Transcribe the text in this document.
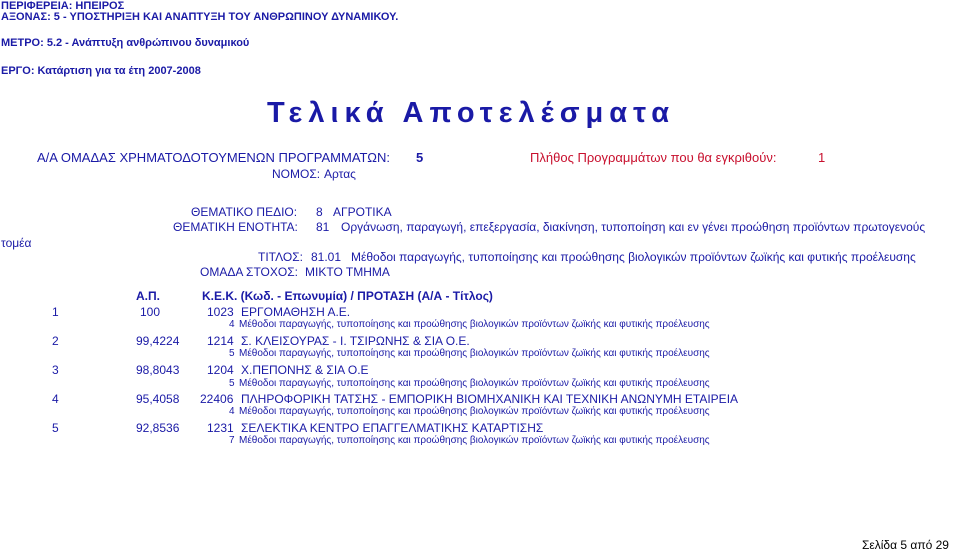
ΠΕΡΙΦΕΡΕΙΑ: ΗΠΕΙΡΟΣ
ΑΞΟΝΑΣ: 5 - ΥΠΟΣΤΗΡΙΞΗ ΚΑΙ ΑΝΑΠΤΥΞΗ ΤΟΥ ΑΝΘΡΩΠΙΝΟΥ ΔΥΝΑΜΙΚΟΥ.
ΜΕΤΡΟ: 5.2 - Ανάπτυξη ανθρώπινου δυναμικού
ΕΡΓΟ: Κατάρτιση για τα έτη 2007-2008
Τελικά Αποτελέσματα
Α/Α ΟΜΑΔΑΣ ΧΡΗΜΑΤΟΔΟΤΟΥΜΕΝΩΝ ΠΡΟΓΡΑΜΜΑΤΩΝ: 5	Πλήθος Προγραμμάτων που θα εγκριθούν:	1
ΝΟΜΟΣ: Αρτας
ΘΕΜΑΤΙΚΟ ΠΕΔΙΟ: 8 ΑΓΡΟΤΙΚΑ
ΘΕΜΑΤΙΚΗ ΕΝΟΤΗΤΑ: 81 Οργάνωση, παραγωγή, επεξεργασία, διακίνηση, τυποποίηση και εν γένει προώθηση προϊόντων πρωτογενούς
τομέα
ΤΙΤΛΟΣ: 81.01 Μέθοδοι παραγωγής, τυποποίησης και προώθησης βιολογικών προϊόντων ζωϊκής και φυτικής προέλευσης
ΟΜΑΔΑ ΣΤΟΧΟΣ: ΜΙΚΤΟ ΤΜΗΜΑ
Α.Π.	Κ.Ε.Κ. (Κωδ. - Επωνυμία) / ΠΡΟΤΑΣΗ (Α/Α - Τίτλος)
1	100	1023 ΕΡΓΟΜΑΘΗΣΗ Α.Ε.
4 Μέθοδοι παραγωγής, τυποποίησης και προώθησης βιολογικών προϊόντων ζωϊκής και φυτικής προέλευσης
2	99,4224 1214 Σ. ΚΛΕΙΣΟΥΡΑΣ - Ι. ΤΣΙΡΩΝΗΣ & ΣΙΑ Ο.Ε.
5 Μέθοδοι παραγωγής, τυποποίησης και προώθησης βιολογικών προϊόντων ζωϊκής και φυτικής προέλευσης
3	98,8043 1204 Χ.ΠΕΠΟΝΗΣ & ΣΙΑ Ο.Ε
5 Μέθοδοι παραγωγής, τυποποίησης και προώθησης βιολογικών προϊόντων ζωϊκής και φυτικής προέλευσης
4	95,4058 22406 ΠΛΗΡΟΦΟΡΙΚΗ ΤΑΤΣΗΣ - ΕΜΠΟΡΙΚΗ ΒΙΟΜΗΧΑΝΙΚΗ ΚΑΙ ΤΕΧΝΙΚΗ ΑΝΩΝΥΜΗ ΕΤΑΙΡΕΙΑ
4 Μέθοδοι παραγωγής, τυποποίησης και προώθησης βιολογικών προϊόντων ζωϊκής και φυτικής προέλευσης
5	92,8536 1231 ΣΕΛΕΚΤΙΚΑ ΚΕΝΤΡΟ ΕΠΑΓΓΕΛΜΑΤΙΚΗΣ ΚΑΤΑΡΤΙΣΗΣ
7 Μέθοδοι παραγωγής, τυποποίησης και προώθησης βιολογικών προϊόντων ζωϊκής και φυτικής προέλευσης
Σελίδα 5 από 29
